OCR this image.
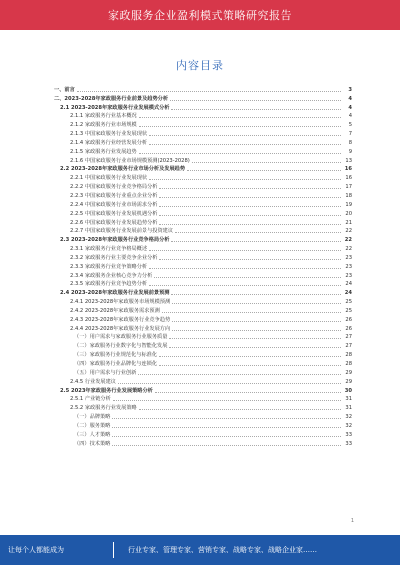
家政服务企业盈利模式策略研究报告
内容目录
一、前言	3
二、2023-2028年家政服务行业前景及趋势分析	4
2.1 2023-2028年家政服务行业发展模式分析	4
2.1.1 家政服务行业基本概况	4
2.1.2 家政服务行业市场规模	5
2.1.3 中国家政服务行业发展现状	7
2.1.4 家政服务行业经营发展分析	8
2.1.5 家政服务行业发展趋势	9
2.1.6 中国家政服务行业市场规模预测(2023-2028)	13
2.2 2023-2028年家政服务行业市场分析及发展趋势	16
2.2.1 中国家政服务行业发展现状	16
2.2.2 中国家政服务行业竞争格局分析	17
2.2.3 中国家政服务行业重点企业分析	18
2.2.4 中国家政服务行业市场需求分析	19
2.2.5 中国家政服务行业发展机遇分析	20
2.2.6 中国家政服务行业发展趋势分析	21
2.2.7 中国家政服务行业发展前景与投资建议	22
2.3 2023-2028年家政服务行业竞争格局分析	22
2.3.1 家政服务行业竞争格局概述	22
2.3.2 家政服务行业主要竞争企业分析	23
2.3.3 家政服务行业竞争策略分析	23
2.3.4 家政服务企业核心竞争力分析	23
2.3.5 家政服务行业竞争趋势分析	24
2.4 2023-2028年家政服务行业发展前景预测	24
2.4.1 2023-2028年家政服务市场规模预测	25
2.4.2 2023-2028年家政服务需求预测	25
2.4.3 2023-2028年家政服务行业竞争趋势	26
2.4.4 2023-2028年家政服务行业发展方向	26
（一）用户需求与家政服务行业服务质量	27
（二）家政服务行业数字化与智能化发展	27
（三）家政服务行业规范化与标准化	28
（四）家政服务行业品牌化与连锁化	28
（五）用户需求与行业创新	29
2.4.5 行业发展建议	29
2.5 2023年家政服务行业发展策略分析	30
2.5.1 产业链分析	31
2.5.2 家政服务行业发展策略	31
（一）品牌策略	32
（二）服务策略	32
（三）人才策略	33
（四）技术策略	33
1
让每个人都能成为	行业专家、管理专家、营销专家、战略专家、战略企业家……
